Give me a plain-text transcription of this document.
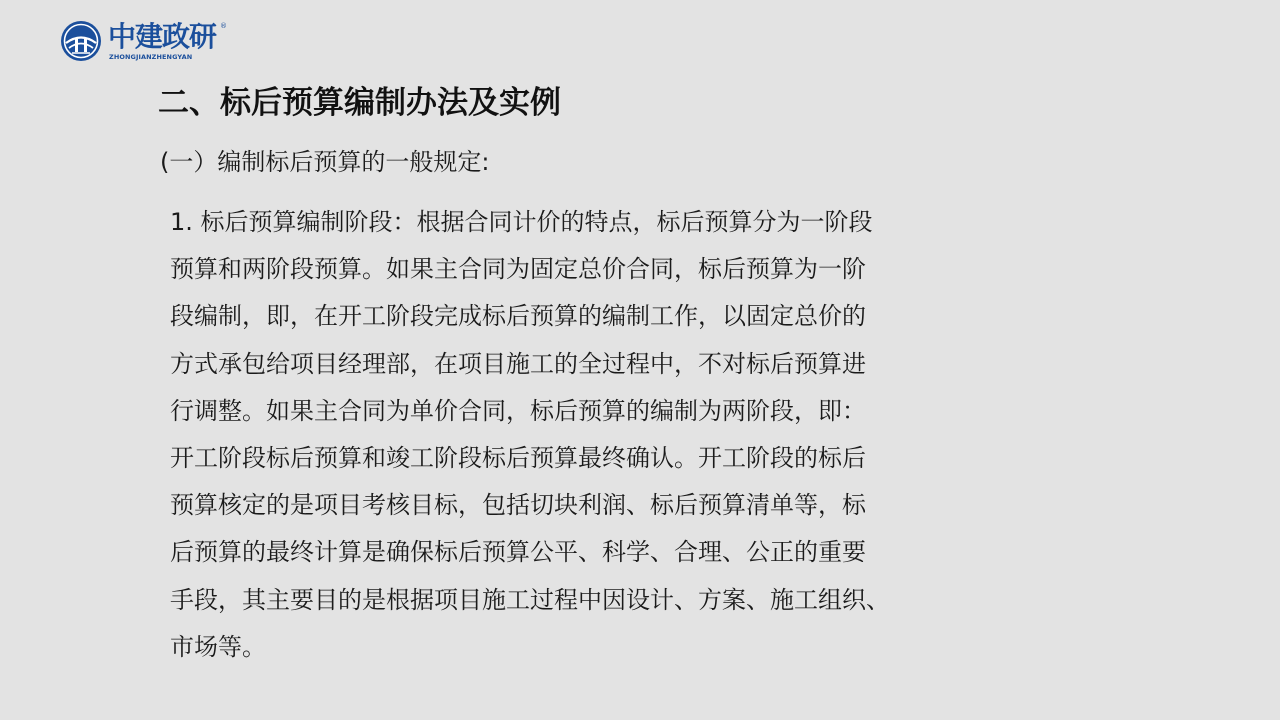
中建政研 ®
ZHONGJIANZHENGYAN
二、标后预算编制办法及实例
(一）编制标后预算的一般规定:

1. 标后预算编制阶段：根据合同计价的特点，标后预算分为一阶段
预算和两阶段预算。如果主合同为固定总价合同，标后预算为一阶
段编制，即，在开工阶段完成标后预算的编制工作，以固定总价的
方式承包给项目经理部，在项目施工的全过程中，不对标后预算进
行调整。如果主合同为单价合同，标后预算的编制为两阶段，即：
开工阶段标后预算和竣工阶段标后预算最终确认。开工阶段的标后
预算核定的是项目考核目标，包括切块利润、标后预算清单等，标
后预算的最终计算是确保标后预算公平、科学、合理、公正的重要
手段，其主要目的是根据项目施工过程中因设计、方案、施工组织、
市场等。
